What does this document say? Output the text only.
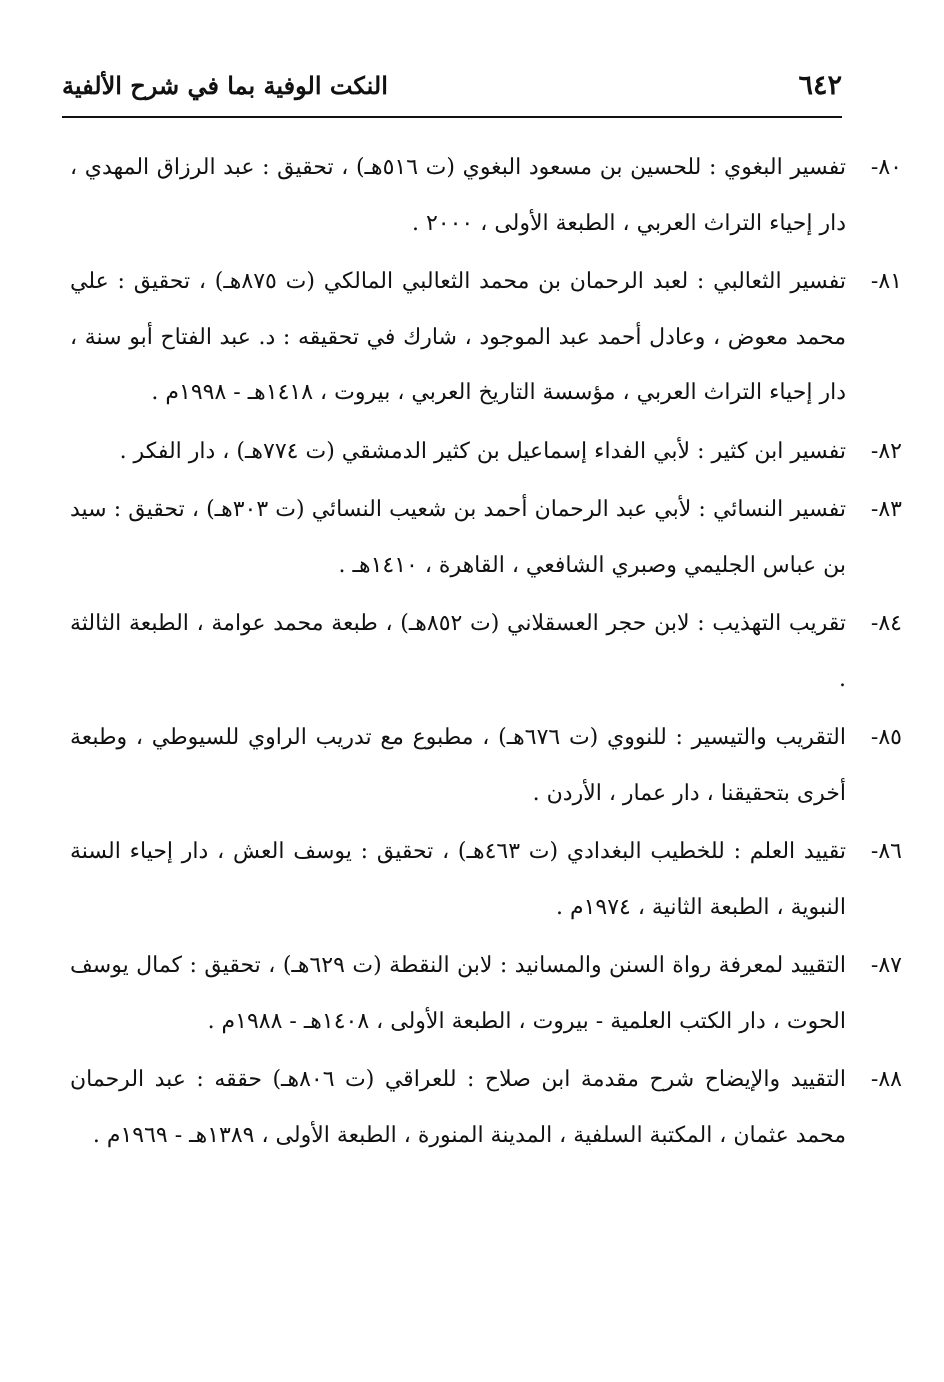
٦٤٢
النكت الوفية بما في شرح الألفية
٨٠-
تفسير البغوي : للحسين بن مسعود البغوي (ت ٥١٦هـ) ، تحقيق : عبد الرزاق المهدي ، دار إحياء التراث العربي ، الطبعة الأولى ، ٢٠٠٠ .
٨١-
تفسير الثعالبي : لعبد الرحمان بن محمد الثعالبي المالكي (ت ٨٧٥هـ) ، تحقيق : علي محمد معوض ، وعادل أحمد عبد الموجود ، شارك في تحقيقه : د. عبد الفتاح أبو سنة ، دار إحياء التراث العربي ، مؤسسة التاريخ العربي ، بيروت ، ١٤١٨هـ - ١٩٩٨م .
٨٢-
تفسير ابن كثير : لأبي الفداء إسماعيل بن كثير الدمشقي (ت ٧٧٤هـ) ، دار الفكر .
٨٣-
تفسير النسائي : لأبي عبد الرحمان أحمد بن شعيب النسائي (ت ٣٠٣هـ) ، تحقيق : سيد بن عباس الجليمي وصبري الشافعي ، القاهرة ، ١٤١٠هـ .
٨٤-
تقريب التهذيب : لابن حجر العسقلاني (ت ٨٥٢هـ) ، طبعة محمد عوامة ، الطبعة الثالثة .
٨٥-
التقريب والتيسير : للنووي (ت ٦٧٦هـ) ، مطبوع مع تدريب الراوي للسيوطي ، وطبعة أخرى بتحقيقنا ، دار عمار ، الأردن .
٨٦-
تقييد العلم : للخطيب البغدادي (ت ٤٦٣هـ) ، تحقيق : يوسف العش ، دار إحياء السنة النبوية ، الطبعة الثانية ، ١٩٧٤م .
٨٧-
التقييد لمعرفة رواة السنن والمسانيد : لابن النقطة (ت ٦٢٩هـ) ، تحقيق : كمال يوسف الحوت ، دار الكتب العلمية - بيروت ، الطبعة الأولى ، ١٤٠٨هـ - ١٩٨٨م .
٨٨-
التقييد والإيضاح شرح مقدمة ابن صلاح : للعراقي (ت ٨٠٦هـ) حققه : عبد الرحمان محمد عثمان ، المكتبة السلفية ، المدينة المنورة ، الطبعة الأولى ، ١٣٨٩هـ - ١٩٦٩م .
